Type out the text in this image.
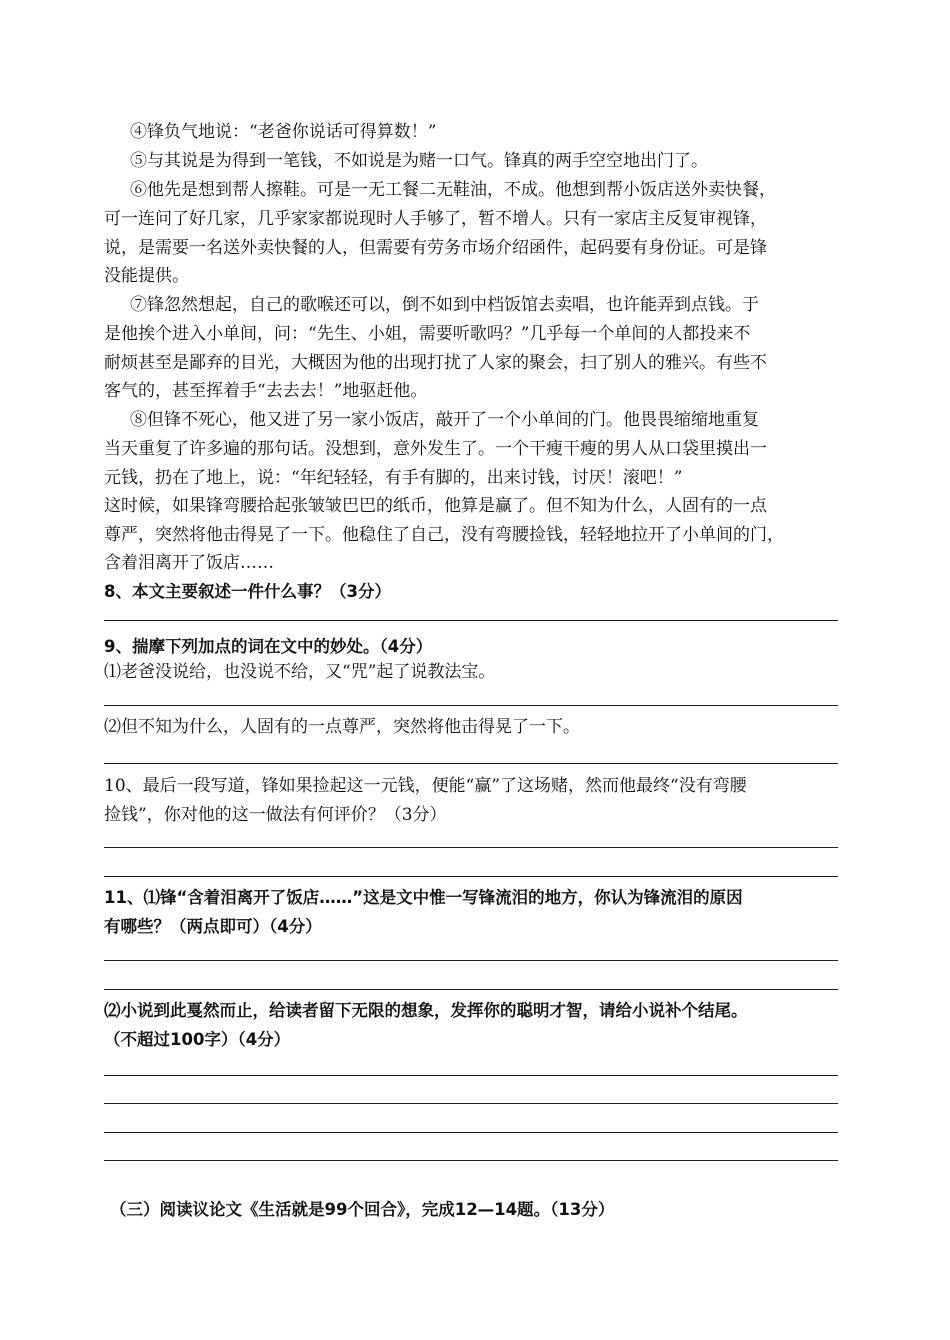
④锋负气地说：“老爸你说话可得算数！”
⑤与其说是为得到一笔钱，不如说是为赌一口气。锋真的两手空空地出门了。
⑥他先是想到帮人擦鞋。可是一无工餐二无鞋油，不成。他想到帮小饭店送外卖快餐，
可一连问了好几家，几乎家家都说现时人手够了，暂不增人。只有一家店主反复审视锋，
说，是需要一名送外卖快餐的人，但需要有劳务市场介绍函件，起码要有身份证。可是锋
没能提供。
⑦锋忽然想起，自己的歌喉还可以，倒不如到中档饭馆去卖唱，也许能弄到点钱。于
是他挨个进入小单间，问：“先生、小姐，需要听歌吗？”几乎每一个单间的人都投来不
耐烦甚至是鄙弃的目光，大概因为他的出现打扰了人家的聚会，扫了别人的雅兴。有些不
客气的，甚至挥着手“去去去！”地驱赶他。
⑧但锋不死心，他又进了另一家小饭店，敲开了一个小单间的门。他畏畏缩缩地重复
当天重复了许多遍的那句话。没想到，意外发生了。一个干瘦干瘦的男人从口袋里摸出一
元钱，扔在了地上，说：“年纪轻轻，有手有脚的，出来讨钱，讨厌！滚吧！”
这时候，如果锋弯腰拾起张皱皱巴巴的纸币，他算是赢了。但不知为什么，人固有的一点
尊严，突然将他击得晃了一下。他稳住了自己，没有弯腰捡钱，轻轻地拉开了小单间的门，
含着泪离开了饭店……
8、本文主要叙述一件什么事？（3分）
9、揣摩下列加点的词在文中的妙处。（4分）
⑴老爸没说给，也没说不给，又“咒”起了说教法宝。
⑵但不知为什么，人固有的一点尊严，突然将他击得晃了一下。
10、最后一段写道，锋如果捡起这一元钱，便能“赢”了这场赌，然而他最终“没有弯腰
捡钱”，你对他的这一做法有何评价？（3分）
11、⑴锋“含着泪离开了饭店……”这是文中惟一写锋流泪的地方，你认为锋流泪的原因
有哪些？（两点即可）（4分）
⑵小说到此戛然而止，给读者留下无限的想象，发挥你的聪明才智，请给小说补个结尾。
（不超过100字）（4分）
（三）阅读议论文《生活就是99个回合》，完成12—14题。（13分）
